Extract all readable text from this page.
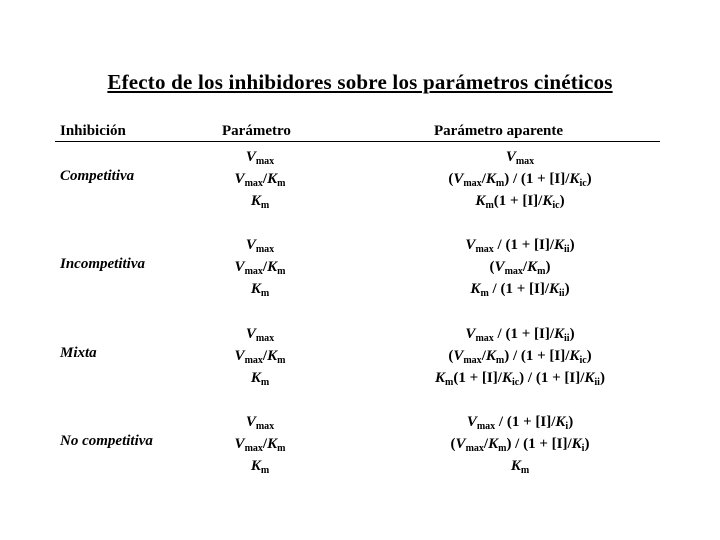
Efecto de los inhibidores sobre los parámetros cinéticos
Inhibición	Parámetro	Parámetro aparente
Competitiva
$V_{max}$
$V_{max}/K_m$
$K_m$
$V_{max}$
$(V_{max}/K_m) / (1 + [I]/K_{ic})$
$K_m(1 + [I]/K_{ic})$
Incompetitiva
$V_{max}$
$V_{max}/K_m$
$K_m$
$V_{max} / (1 + [I]/K_{ii})$
$(V_{max}/K_m)$
$K_m / (1 + [I]/K_{ii})$
Mixta
$V_{max}$
$V_{max}/K_m$
$K_m$
$V_{max} / (1 + [I]/K_{ii})$
$(V_{max}/K_m) / (1 + [I]/K_{ic})$
$K_m(1 + [I]/K_{ic}) / (1 + [I]/K_{ii})$
No competitiva
$V_{max}$
$V_{max}/K_m$
$K_m$
$V_{max} / (1 + [I]/K_i)$
$(V_{max}/K_m) / (1 + [I]/K_i)$
$K_m$
